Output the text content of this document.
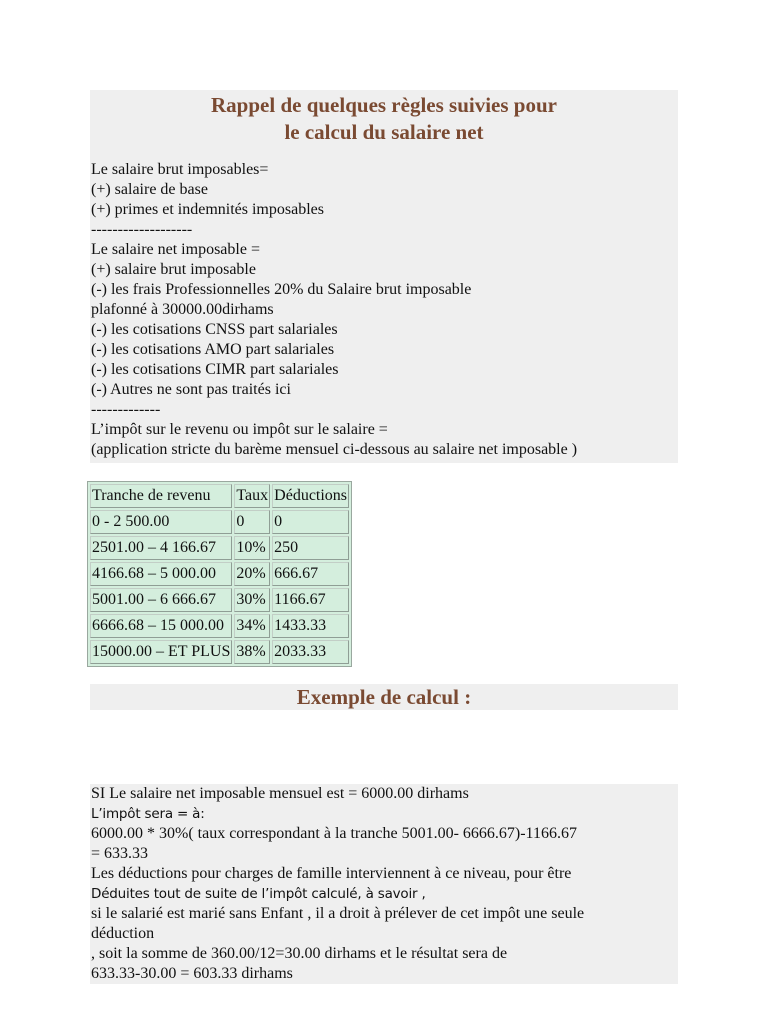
Rappel de quelques règles suivies pour
le calcul du salaire net
Le salaire brut imposables=
(+) salaire de base
(+) primes et indemnités imposables
-------------------
Le salaire net imposable =
(+) salaire brut imposable
(-) les frais Professionnelles 20% du Salaire brut imposable
plafonné à 30000.00dirhams
(-) les cotisations CNSS part salariales
(-) les cotisations AMO part salariales
(-) les cotisations CIMR part salariales
(-) Autres ne sont pas traités ici
-------------
L’impôt sur le revenu ou impôt sur le salaire =
(application stricte du barème mensuel ci-dessous au salaire net imposable )
Tranche de revenu	Taux	Déductions
0 - 2 500.00	0	0
2501.00 – 4 166.67	10%	250
4166.68 – 5 000.00	20%	666.67
5001.00 – 6 666.67	30%	1166.67
6666.68 – 15 000.00	34%	1433.33
15000.00 – ET PLUS	38%	2033.33
Exemple de calcul :
SI Le salaire net imposable mensuel est = 6000.00 dirhams
L’impôt sera = à:
6000.00 * 30%( taux correspondant à la tranche 5001.00- 6666.67)-1166.67
= 633.33
Les déductions pour charges de famille interviennent à ce niveau, pour être
Déduites tout de suite de l’impôt calculé, à savoir ,
si le salarié est marié sans Enfant , il a droit à prélever de cet impôt une seule
déduction
, soit la somme de 360.00/12=30.00 dirhams et le résultat sera de
633.33-30.00 = 603.33 dirhams
